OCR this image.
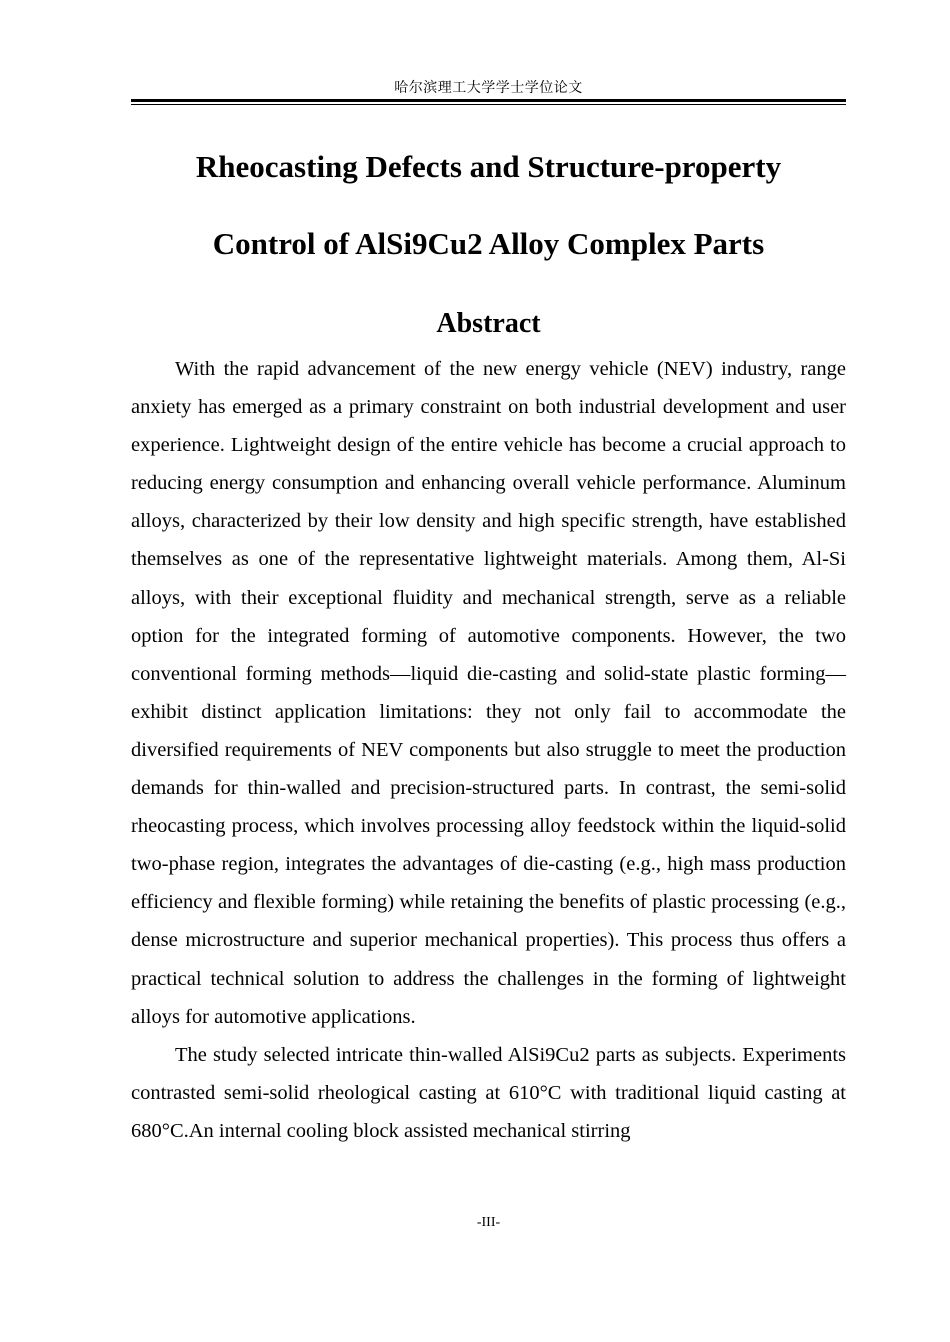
哈尔滨理工大学学士学位论文
Rheocasting Defects and Structure-property
Control of AlSi9Cu2 Alloy Complex Parts
Abstract

With the rapid advancement of the new energy vehicle (NEV) industry, range anxiety has emerged as a primary constraint on both industrial development and user experience. Lightweight design of the entire vehicle has become a crucial approach to reducing energy consumption and enhancing overall vehicle performance. Aluminum alloys, characterized by their low density and high specific strength, have established themselves as one of the representative lightweight materials. Among them, Al-Si alloys, with their exceptional fluidity and mechanical strength, serve as a reliable option for the integrated forming of automotive components. However, the two conventional forming methods—liquid die-casting and solid-state plastic forming—exhibit distinct application limitations: they not only fail to accommodate the diversified requirements of NEV components but also struggle to meet the production demands for thin-walled and precision-structured parts. In contrast, the semi-solid rheocasting process, which involves processing alloy feedstock within the liquid-solid two-phase region, integrates the advantages of die-casting (e.g., high mass production efficiency and flexible forming) while retaining the benefits of plastic processing (e.g., dense microstructure and superior mechanical properties). This process thus offers a practical technical solution to address the challenges in the forming of lightweight alloys for automotive applications.

The study selected intricate thin-walled AlSi9Cu2 parts as subjects. Experiments contrasted semi-solid rheological casting at 610°C with traditional liquid casting at 680°C.An internal cooling block assisted mechanical stirring

-III-
